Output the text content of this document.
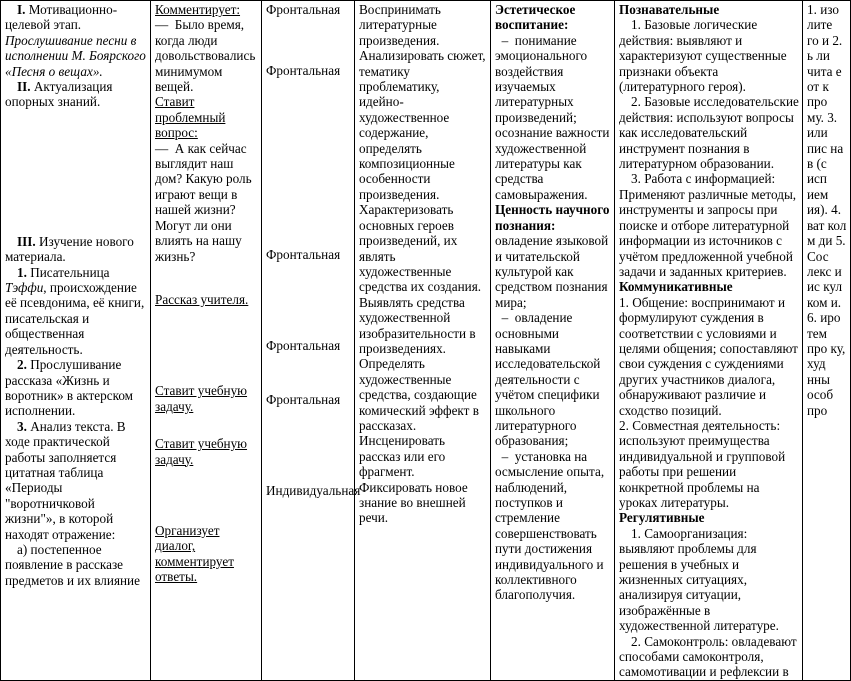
I. Мотивационно-целевой этап.
Прослушивание песни в исполнении М. Боярского «Песня о вещах».
II. Актуализация опорных знаний.
III. Изучение нового материала.
1. Писательница Тэффи, происхождение её псевдонима, её книги, писательская и общественная деятельность.
2. Прослушивание рассказа «Жизнь и воротник» в актерском исполнении.
3. Анализ текста. В ходе практической работы заполняется цитатная таблица «Периоды "воротничковой жизни"», в которой находят отражение:
а) постепенное появление в рассказе предметов и их влияние

Комментирует:
—  Было время, когда люди довольствовались минимумом вещей.
Ставит проблемный вопрос:
—  А как сейчас выглядит наш дом? Какую роль играют вещи в нашей жизни? Могут ли они влиять на нашу жизнь?
Рассказ учителя.
Ставит учебную задачу.
Ставит учебную задачу.
Организует диалог, комментирует ответы.

Фронтальная
Фронтальная
Фронтальная
Фронтальная
Фронтальная
Индивидуальная

Воспринимать литературные произведения. Анализировать сюжет, тематику проблематику, идейно-художественное содержание, определять композиционные особенности произведения. Характеризовать основных героев произведений, их являть художественные средства их создания. Выявлять средства художественной изобразительности в произведениях. Определять художественные средства, создающие комический эффект в рассказах. Инсценировать рассказ или его фрагмент. Фиксировать новое знание во внешней речи.

Эстетическое воспитание:
–  понимание эмоционального воздействия изучаемых литературных произведений; осознание важности художественной литературы как средства самовыражения.
Ценность научного познания:
овладение языковой и читательской культурой как средством познания мира;
–  овладение основными навыками исследовательской деятельности с учётом специфики школьного литературного образования;
–  установка на осмысление опыта, наблюдений, поступков и стремление совершенствовать пути достижения индивидуального и коллективного благополучия.

Познавательные
1. Базовые логические действия: выявляют и характеризуют существенные признаки объекта (литературного героя).
2. Базовые исследовательские действия: используют вопросы как исследовательский инструмент познания в литературном образовании.
3. Работа с информацией: Применяют различные методы, инструменты и запросы при поиске и отборе литературной информации из источников с учётом предложенной учебной задачи и заданных критериев.
Коммуникативные
1. Общение: воспринимают и формулируют суждения в соответствии с условиями и целями общения; сопоставляют свои суждения с суждениями других участников диалога, обнаруживают различие и сходство позиций.
2. Совместная деятельность: используют преимущества индивидуальной и групповой работы при решении конкретной проблемы на уроках литературы.
Регулятивные
1. Самоорганизация: выявляют проблемы для решения в учебных и жизненных ситуациях, анализируя ситуации, изображённые в художественной литературе.
2. Самоконтроль: овладевают способами самоконтроля, самомотивации и рефлексии в

1. изо лите го и 2. ь ли чита е от к про му. 3. или пис на в (с исп ием ия). 4. ват кол м ди 5. Сос лекс и ис кул ком и. 6. иро тем про ку, худ нны особ про
